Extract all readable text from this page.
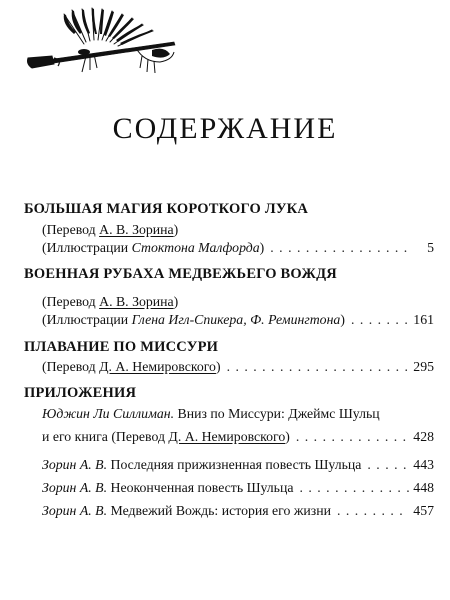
СОДЕРЖАНИЕ
БОЛЬШАЯ МАГИЯ КОРОТКОГО ЛУКА
(Перевод А. В. Зорина)
(Иллюстрации Стоктона Малфорда) . . .	5
ВОЕННАЯ РУБАХА МЕДВЕЖЬЕГО ВОЖДЯ
(Перевод А. В. Зорина)
(Иллюстрации Глена Игл-Спикера, Ф. Ремингтона) . . .	161
ПЛАВАНИЕ ПО МИССУРИ
(Перевод Д. А. Немировского) . . .	295
ПРИЛОЖЕНИЯ
Юджин Ли Силлиман. Вниз по Миссури: Джеймс Шульц
и его книга (Перевод Д. А. Немировского) . . .	428
Зорин А. В. Последняя прижизненная повесть Шульца . . .	443
Зорин А. В. Неоконченная повесть Шульца . . .	448
Зорин А. В. Медвежий Вождь: история его жизни . . .	457
